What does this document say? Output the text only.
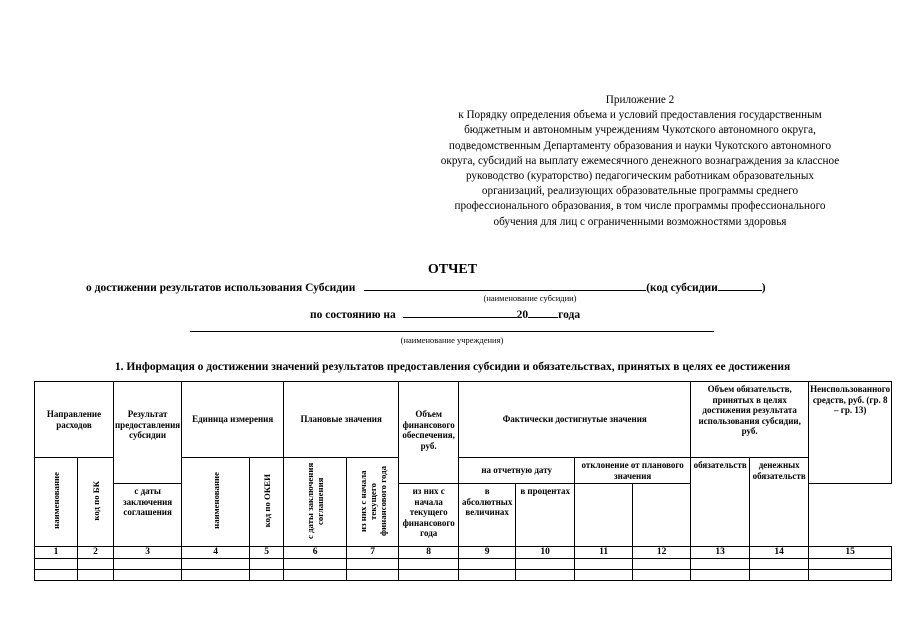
Приложение 2
к Порядку определения объема и условий предоставления государственным
бюджетным и автономным учреждениям Чукотского автономного округа,
подведомственным Департаменту образования и науки Чукотского автономного
округа, субсидий на выплату ежемесячного денежного вознаграждения за классное
руководство (кураторство) педагогическим работникам образовательных
организаций, реализующих образовательные программы среднего
профессионального образования, в том числе программы профессионального
обучения для лиц с ограниченными возможностями здоровья
ОТЧЕТ
о достижении результатов использования Субсидии	(код субсидии	)
(наименование субсидии)
по состоянию на	20	года
(наименование учреждения)
1. Информация о достижении значений результатов предоставления субсидии и обязательствах, принятых в целях ее достижения
Направление расходов		Результат предоставления субсидии	Единица измерения		Плановые значения		Объем финансового обеспечения, руб.	Фактически достигнутые значения				Объем обязательств, принятых в целях достижения результата использования субсидии, руб.		Неиспользованного средств, руб. (гр. 8 – гр. 13)
наименование	код по БК		наименование	код по ОКЕИ	с даты заключения соглашения	из них с начала текущего финансового года		на отчетную дату		отклонение от планового значения		обязательств	денежных обязательств	
		с даты заключения соглашения					из них с начала текущего финансового года	в абсолютных величинах	в процентах					
1	2	3	4	5	6	7	8	9	10	11	12	13	14	15
